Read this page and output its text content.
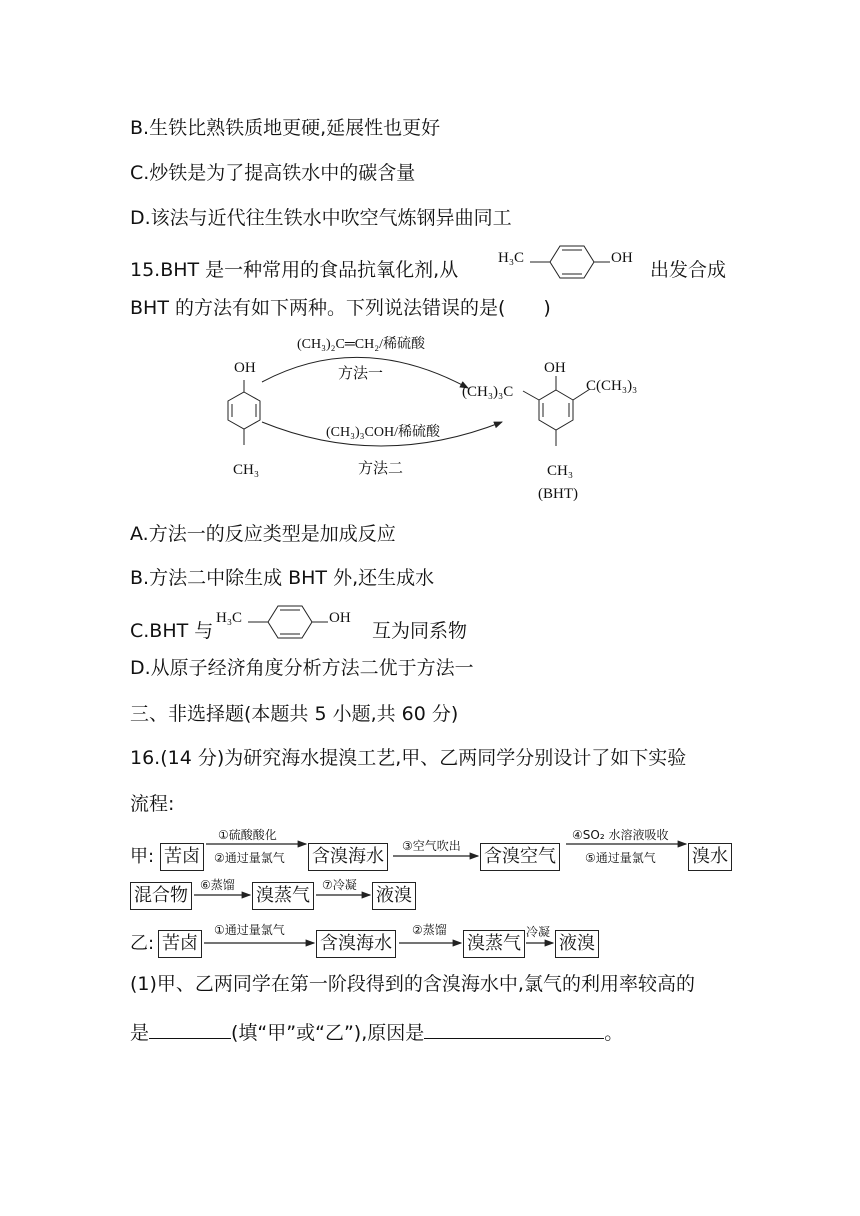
B.生铁比熟铁质地更硬,延展性也更好
C.炒铁是为了提高铁水中的碳含量
D.该法与近代往生铁水中吹空气炼钢异曲同工
15.BHT 是一种常用的食品抗氧化剂,从
H₃C	OH
出发合成
BHT 的方法有如下两种。下列说法错误的是(　　)
OH
CH₃
(CH₃)₂C═CH₂/稀硫酸
方法一
(CH₃)₃COH/稀硫酸
方法二
OH
(CH₃)₃C	C(CH₃)₃
CH₃
(BHT)
A.方法一的反应类型是加成反应
B.方法二中除生成 BHT 外,还生成水
C.BHT 与
H₃C	OH
互为同系物
D.从原子经济角度分析方法二优于方法一
三、非选择题(本题共 5 小题,共 60 分)
16.(14 分)为研究海水提溴工艺,甲、乙两同学分别设计了如下实验
流程:
甲: 苦卤
①硫酸酸化
②通过量氯气 含溴海水	③空气吹出 含溴空气
④SO₂ 水溶液吸收
⑤通过量氯气 溴水
混合物	⑥蒸馏 溴蒸气	⑦冷凝 液溴
乙: 苦卤
①通过量氯气
含溴海水
②蒸馏
溴蒸气
冷凝
液溴
(1)甲、乙两同学在第一阶段得到的含溴海水中,氯气的利用率较高的
是	(填“甲”或“乙”),原因是	。
